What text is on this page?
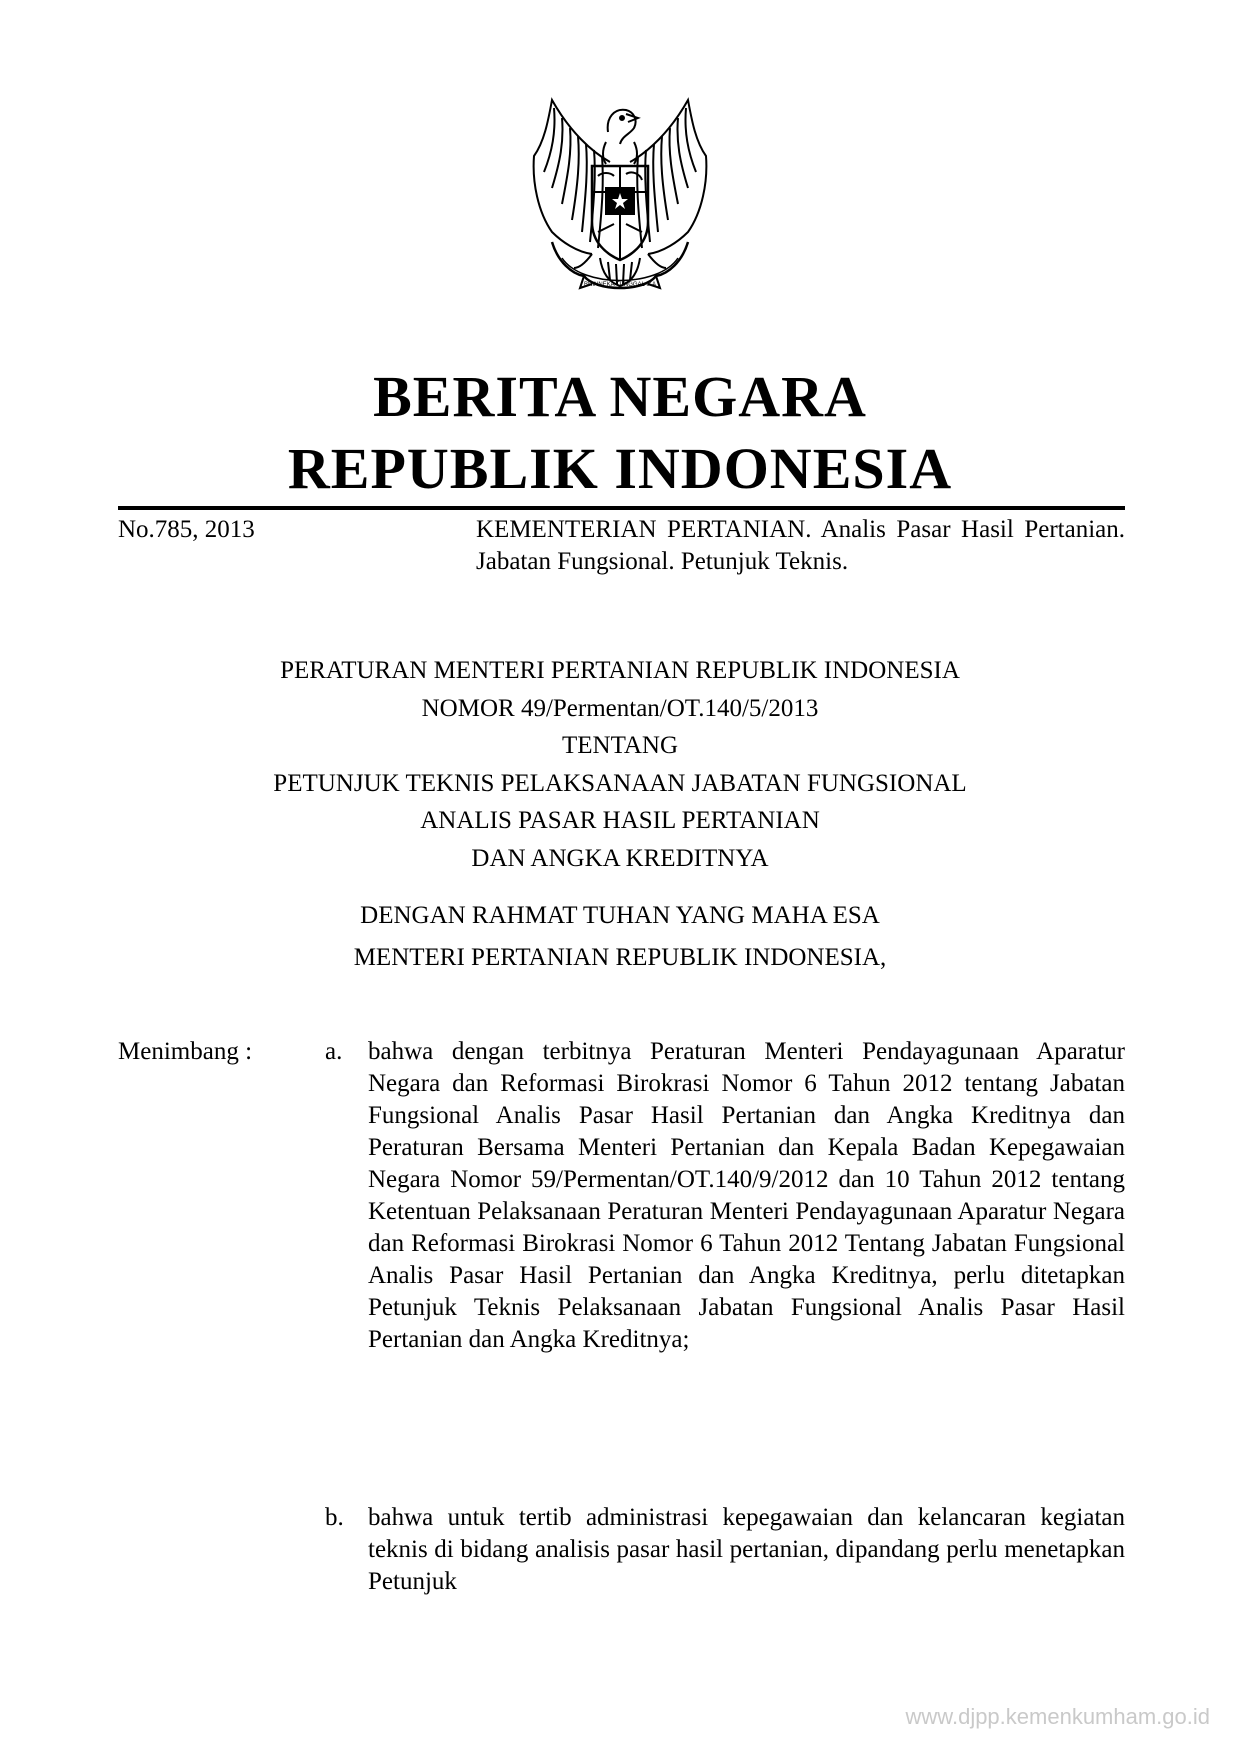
BHINNEKA TUNGGAL IKA
BERITA NEGARA
REPUBLIK INDONESIA
No.785, 2013	KEMENTERIAN PERTANIAN. Analis Pasar Hasil Pertanian. Jabatan Fungsional. Petunjuk Teknis.
PERATURAN MENTERI PERTANIAN REPUBLIK INDONESIA
NOMOR 49/Permentan/OT.140/5/2013
TENTANG
PETUNJUK TEKNIS PELAKSANAAN JABATAN FUNGSIONAL
ANALIS PASAR HASIL PERTANIAN
DAN ANGKA KREDITNYA
DENGAN RAHMAT TUHAN YANG MAHA ESA
MENTERI PERTANIAN REPUBLIK INDONESIA,
Menimbang :	a. bahwa dengan terbitnya Peraturan Menteri Pendayagunaan Aparatur Negara dan Reformasi Birokrasi Nomor 6 Tahun 2012 tentang Jabatan Fungsional Analis Pasar Hasil Pertanian dan Angka Kreditnya dan Peraturan Bersama Menteri Pertanian dan Kepala Badan Kepegawaian Negara Nomor 59/Permentan/OT.140/9/2012 dan 10 Tahun 2012 tentang Ketentuan Pelaksanaan Peraturan Menteri Pendayagunaan Aparatur Negara dan Reformasi Birokrasi Nomor 6 Tahun 2012 Tentang Jabatan Fungsional Analis Pasar Hasil Pertanian dan Angka Kreditnya, perlu ditetapkan Petunjuk Teknis Pelaksanaan Jabatan Fungsional Analis Pasar Hasil Pertanian dan Angka Kreditnya;
b. bahwa untuk tertib administrasi kepegawaian dan kelancaran kegiatan teknis di bidang analisis pasar hasil pertanian, dipandang perlu menetapkan Petunjuk
www.djpp.kemenkumham.go.id
